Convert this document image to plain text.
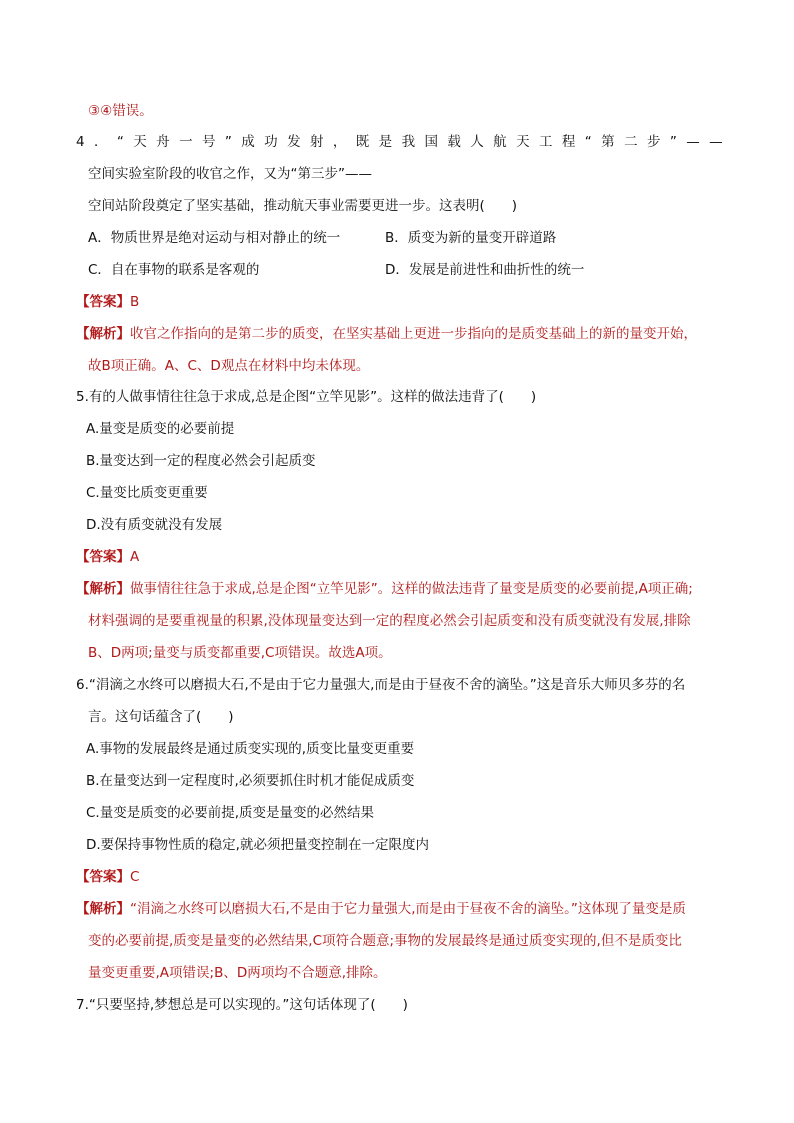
③④错误。
4．“天舟一号”成功发射，既是我国载人航天工程“第二步”——
空间实验室阶段的收官之作，又为“第三步”——
空间站阶段奠定了坚实基础，推动航天事业需要更进一步。这表明(　　)
A．物质世界是绝对运动与相对静止的统一	B．质变为新的量变开辟道路
C．自在事物的联系是客观的	D．发展是前进性和曲折性的统一
【答案】B
【解析】收官之作指向的是第二步的质变，在坚实基础上更进一步指向的是质变基础上的新的量变开始，
故B项正确。A、C、D观点在材料中均未体现。
5.有的人做事情往往急于求成,总是企图“立竿见影”。这样的做法违背了(　　)
A.量变是质变的必要前提
B.量变达到一定的程度必然会引起质变
C.量变比质变更重要
D.没有质变就没有发展
【答案】A
【解析】做事情往往急于求成,总是企图“立竿见影”。这样的做法违背了量变是质变的必要前提,A项正确;
材料强调的是要重视量的积累,没体现量变达到一定的程度必然会引起质变和没有质变就没有发展,排除
B、D两项;量变与质变都重要,C项错误。故选A项。
6.“涓滴之水终可以磨损大石,不是由于它力量强大,而是由于昼夜不舍的滴坠。”这是音乐大师贝多芬的名
言。这句话蕴含了(　　)
A.事物的发展最终是通过质变实现的,质变比量变更重要
B.在量变达到一定程度时,必须要抓住时机才能促成质变
C.量变是质变的必要前提,质变是量变的必然结果
D.要保持事物性质的稳定,就必须把量变控制在一定限度内
【答案】C
【解析】“涓滴之水终可以磨损大石,不是由于它力量强大,而是由于昼夜不舍的滴坠。”这体现了量变是质
变的必要前提,质变是量变的必然结果,C项符合题意;事物的发展最终是通过质变实现的,但不是质变比
量变更重要,A项错误;B、D两项均不合题意,排除。
7.“只要坚持,梦想总是可以实现的。”这句话体现了(　　)
